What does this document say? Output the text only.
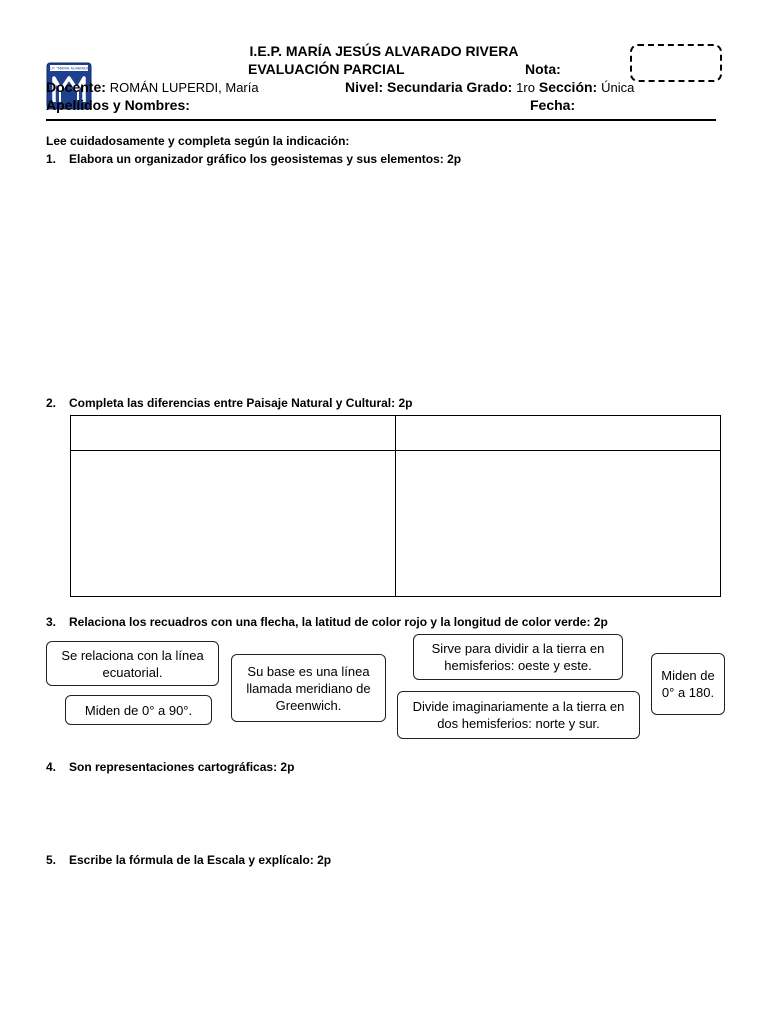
I.E.P. MARÍA JESÚS ALVARADO RIVERA
EVALUACIÓN PARCIAL	Nota:
I.E.P. "MARIA ALVARADO"
Docente: ROMÁN LUPERDI, María	Nivel: Secundaria Grado: 1ro Sección: Única
Apellidos y Nombres:	Fecha:
Lee cuidadosamente y completa según la indicación:
1. Elabora un organizador gráfico los geosistemas y sus elementos: 2p
2. Completa las diferencias entre Paisaje Natural y Cultural: 2p

3. Relaciona los recuadros con una flecha, la latitud de color rojo y la longitud de color verde: 2p
Se relaciona con la línea ecuatorial.
Miden de 0° a 90°.
Su base es una línea llamada meridiano de Greenwich.
Sirve para dividir a la tierra en hemisferios: oeste y este.
Divide imaginariamente a la tierra en dos hemisferios: norte y sur.
Miden de 0° a 180.
4. Son representaciones cartográficas: 2p
5. Escribe la fórmula de la Escala y explícalo: 2p
